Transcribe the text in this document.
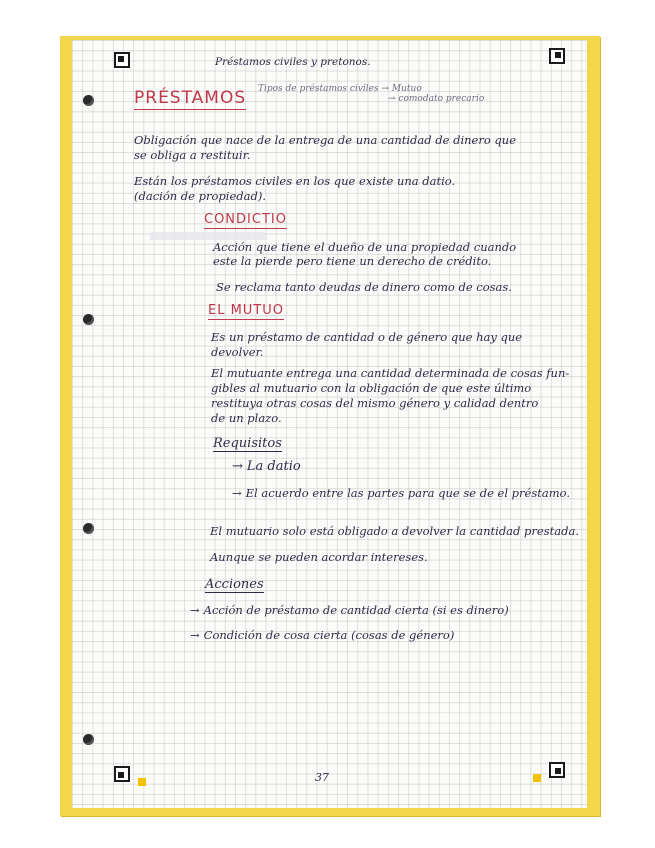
Préstamos civiles y pretonos.
PRÉSTAMOS Tipos de préstamos civiles → Mutuo
→ comodato precario
Obligación que nace de la entrega de una cantidad de dinero que
se obliga a restituir.
Están los préstamos civiles en los que existe una datio.
(dación de propiedad).
CONDICTIO
Acción que tiene el dueño de una propiedad cuando
este la pierde pero tiene un derecho de crédito.
Se reclama tanto deudas de dinero como de cosas.
EL MUTUO
Es un préstamo de cantidad o de género que hay que
devolver.
El mutuante entrega una cantidad determinada de cosas fun-
gibles al mutuario con la obligación de que este último
restituya otras cosas del mismo género y calidad dentro
de un plazo.
Requisitos
→ La datio
→ El acuerdo entre las partes para que se de el préstamo.
El mutuario solo está obligado a devolver la cantidad prestada.
Aunque se pueden acordar intereses.
Acciones
→ Acción de préstamo de cantidad cierta (si es dinero)
→ Condición de cosa cierta (cosas de género)
37
